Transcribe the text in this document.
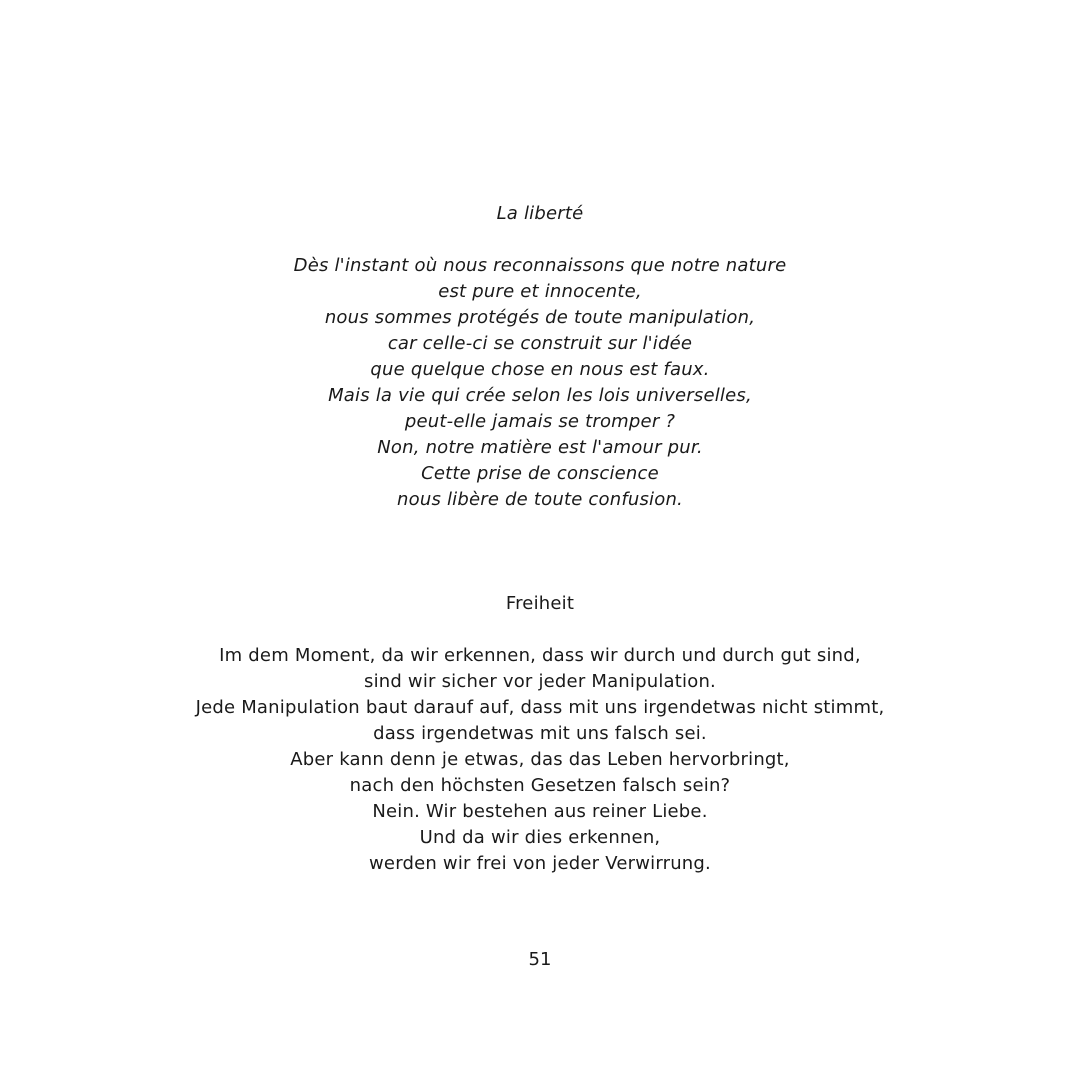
La liberté
Dès l'instant où nous reconnaissons que notre nature
est pure et innocente,
nous sommes protégés de toute manipulation,
car celle-ci se construit sur l'idée
que quelque chose en nous est faux.
Mais la vie qui crée selon les lois universelles,
peut-elle jamais se tromper ?
Non, notre matière est l'amour pur.
Cette prise de conscience
nous libère de toute confusion.
Freiheit
Im dem Moment, da wir erkennen, dass wir durch und durch gut sind,
sind wir sicher vor jeder Manipulation.
Jede Manipulation baut darauf auf, dass mit uns irgendetwas nicht stimmt,
dass irgendetwas mit uns falsch sei.
Aber kann denn je etwas, das das Leben hervorbringt,
nach den höchsten Gesetzen falsch sein?
Nein. Wir bestehen aus reiner Liebe.
Und da wir dies erkennen,
werden wir frei von jeder Verwirrung.
51
